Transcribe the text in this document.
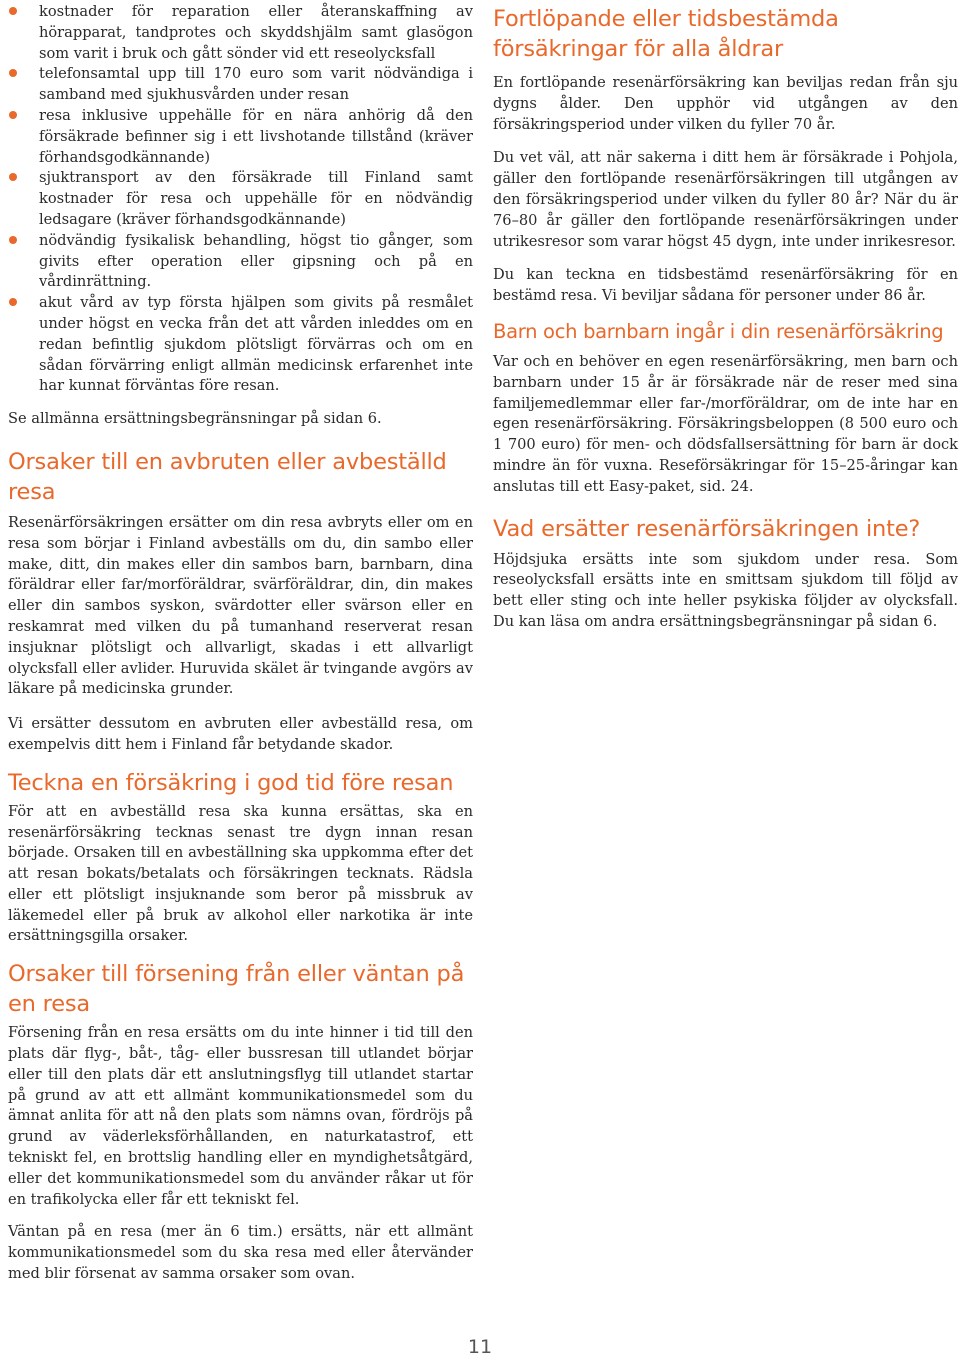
kostnader för reparation eller återanskaffning av hörapparat, tandprotes och skyddshjälm samt glasögon som varit i bruk och gått sönder vid ett reseolycksfall
telefonsamtal upp till 170 euro som varit nödvändiga i samband med sjukhusvården under resan
resa inklusive uppehälle för en nära anhörig då den försäkrade befinner sig i ett livshotande tillstånd (kräver förhandsgodkännande)
sjuktransport av den försäkrade till Finland samt kostnader för resa och uppehälle för en nödvändig ledsagare (kräver förhandsgodkännande)
nödvändig fysikalisk behandling, högst tio gånger, som givits efter operation eller gipsning och på en vårdinrättning.
akut vård av typ första hjälpen som givits på resmålet under högst en vecka från det att vården inleddes om en redan befintlig sjukdom plötsligt förvärras och om en sådan förvärring enligt allmän medicinsk erfarenhet inte har kunnat förväntas före resan.

Se allmänna ersättningsbegränsningar på sidan 6.

Orsaker till en avbruten eller avbeställd resa

Resenärförsäkringen ersätter om din resa avbryts eller om en resa som börjar i Finland avbeställs om du, din sambo eller make, ditt, din makes eller din sambos barn, barnbarn, dina föräldrar eller far/morföräldrar, svärföräldrar, din, din makes eller din sambos syskon, svärdotter eller svärson eller en reskamrat med vilken du på tumanhand reserverat resan insjuknar plötsligt och allvarligt, skadas i ett allvarligt olycksfall eller avlider. Huruvida skälet är tvingande avgörs av läkare på medicinska grunder.

Vi ersätter dessutom en avbruten eller avbeställd resa, om exempelvis ditt hem i Finland får betydande skador.

Teckna en försäkring i god tid före resan

För att en avbeställd resa ska kunna ersättas, ska en resenärförsäkring tecknas senast tre dygn innan resan började. Orsaken till en avbeställning ska uppkomma efter det att resan bokats/betalats och försäkringen tecknats. Rädsla eller ett plötsligt insjuknande som beror på missbruk av läkemedel eller på bruk av alkohol eller narkotika är inte ersättningsgilla orsaker.

Orsaker till försening från eller väntan på en resa

Försening från en resa ersätts om du inte hinner i tid till den plats där flyg-, båt-, tåg- eller bussresan till utlandet börjar eller till den plats där ett anslutningsflyg till utlandet startar på grund av att ett allmänt kommunikationsmedel som du ämnat anlita för att nå den plats som nämns ovan, fördröjs på grund av väderleksförhållanden, en naturkatastrof, ett tekniskt fel, en brottslig handling eller en myndighetsåtgärd, eller det kommunikationsmedel som du använder råkar ut för en trafikolycka eller får ett tekniskt fel.

Väntan på en resa (mer än 6 tim.) ersätts, när ett allmänt kommunikationsmedel som du ska resa med eller återvänder med blir försenat av samma orsaker som ovan.

Fortlöpande eller tidsbestämda försäkringar för alla åldrar

En fortlöpande resenärförsäkring kan beviljas redan från sju dygns ålder. Den upphör vid utgången av den försäkringsperiod under vilken du fyller 70 år.

Du vet väl, att när sakerna i ditt hem är försäkrade i Pohjola, gäller den fortlöpande resenärförsäkringen till utgången av den försäkringsperiod under vilken du fyller 80 år? När du är 76–80 år gäller den fortlöpande resenärförsäkringen under utrikesresor som varar högst 45 dygn, inte under inrikesresor.

Du kan teckna en tidsbestämd resenärförsäkring för en bestämd resa. Vi beviljar sådana för personer under 86 år.

Barn och barnbarn ingår i din resenärförsäkring

Var och en behöver en egen resenärförsäkring, men barn och barnbarn under 15 år är försäkrade när de reser med sina familjemedlemmar eller far-/morföräldrar, om de inte har en egen resenärförsäkring. Försäkringsbeloppen (8 500 euro och 1 700 euro) för men- och dödsfallsersättning för barn är dock mindre än för vuxna. Reseförsäkringar för 15–25-åringar kan anslutas till ett Easy-paket, sid. 24.

Vad ersätter resenärförsäkringen inte?

Höjdsjuka ersätts inte som sjukdom under resa. Som reseolycksfall ersätts inte en smittsam sjukdom till följd av bett eller sting och inte heller psykiska följder av olycksfall. Du kan läsa om andra ersättningsbegränsningar på sidan 6.

11
